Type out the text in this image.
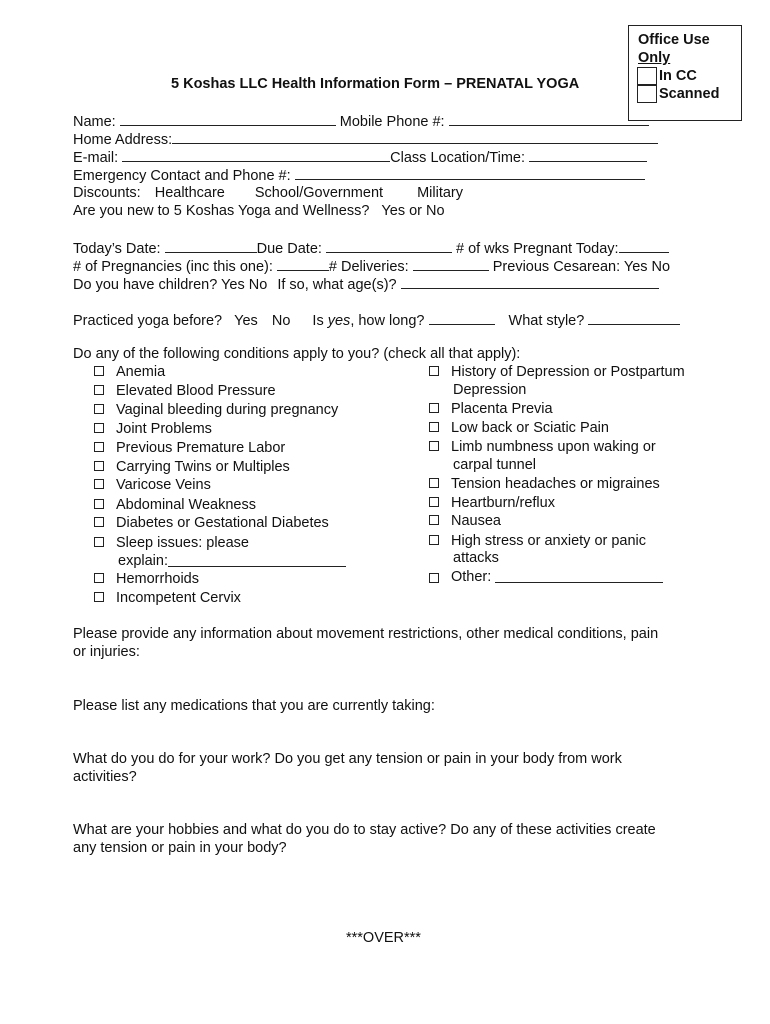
Office Use
Only
In CC
Scanned
5 Koshas LLC Health Information Form – PRENATAL YOGA
Name:	Mobile Phone #:
Home Address:
E-mail:	Class Location/Time:
Emergency Contact and Phone #:
Discounts: Healthcare School/Government Military
Are you new to 5 Koshas Yoga and Wellness? Yes or No
Today’s Date:	Due Date:	# of wks Pregnant Today:
# of Pregnancies (inc this one):	# Deliveries:	Previous Cesarean: Yes No
Do you have children? Yes No If so, what age(s)?
Practiced yoga before? Yes No Is yes, how long?	What style?
Do any of the following conditions apply to you? (check all that apply):
Anemia
Elevated Blood Pressure
Vaginal bleeding during pregnancy
Joint Problems
Previous Premature Labor
Carrying Twins or Multiples
Varicose Veins
Abdominal Weakness
Diabetes or Gestational Diabetes
Sleep issues: please
explain:
Hemorrhoids
Incompetent Cervix
History of Depression or Postpartum
Depression
Placenta Previa
Low back or Sciatic Pain
Limb numbness upon waking or
carpal tunnel
Tension headaches or migraines
Heartburn/reflux
Nausea
High stress or anxiety or panic
attacks
Other:
Please provide any information about movement restrictions, other medical conditions, pain
or injuries:
Please list any medications that you are currently taking:
What do you do for your work? Do you get any tension or pain in your body from work
activities?
What are your hobbies and what do you do to stay active? Do any of these activities create
any tension or pain in your body?
***OVER***
